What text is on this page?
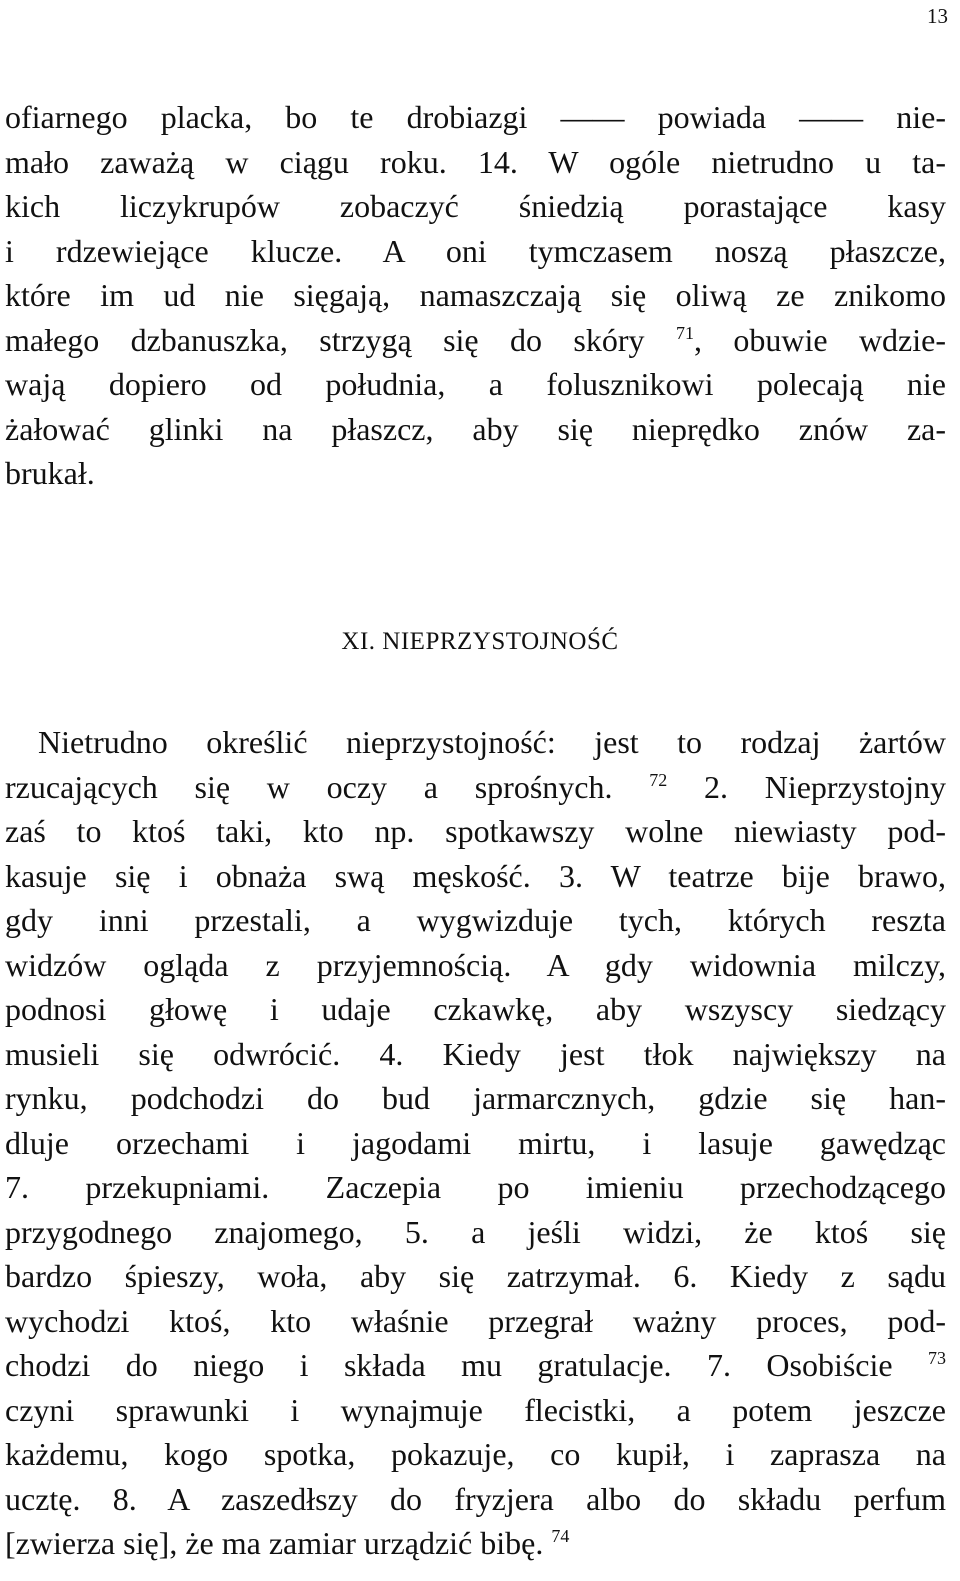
13
ofiarnego placka, bo te drobiazgi —— powiada —— nie-
mało zaważą w ciągu roku. 14. W ogóle nietrudno u ta-
kich liczykrupów zobaczyć śniedzią porastające kasy
i rdzewiejące klucze. A oni tymczasem noszą płaszcze,
które im ud nie sięgają, namaszczają się oliwą ze znikomo
małego dzbanuszka, strzygą się do skóry $^{71}$, obuwie wdzie-
wają dopiero od południa, a folusznikowi polecają nie
żałować glinki na płaszcz, aby się nieprędko znów za-
brukał.
XI. NIEPRZYSTOJNOŚĆ
Nietrudno określić nieprzystojność: jest to rodzaj żartów
rzucających się w oczy a sprośnych. $^{72}$ 2. Nieprzystojny
zaś to ktoś taki, kto np. spotkawszy wolne niewiasty pod-
kasuje się i obnaża swą męskość. 3. W teatrze bije brawo,
gdy inni przestali, a wygwizduje tych, których reszta
widzów ogląda z przyjemnością. A gdy widownia milczy,
podnosi głowę i udaje czkawkę, aby wszyscy siedzący
musieli się odwrócić. 4. Kiedy jest tłok największy na
rynku, podchodzi do bud jarmarcznych, gdzie się han-
dluje orzechami i jagodami mirtu, i lasuje gawędząc
7. przekupniami. Zaczepia po imieniu przechodzącego
przygodnego znajomego, 5. a jeśli widzi, że ktoś się
bardzo śpieszy, woła, aby się zatrzymał. 6. Kiedy z sądu
wychodzi ktoś, kto właśnie przegrał ważny proces, pod-
chodzi do niego i składa mu gratulacje. 7. Osobiście $^{73}$
czyni sprawunki i wynajmuje flecistki, a potem jeszcze
każdemu, kogo spotka, pokazuje, co kupił, i zaprasza na
ucztę. 8. A zaszedłszy do fryzjera albo do składu perfum
[zwierza się], że ma zamiar urządzić bibę. $^{74}$
